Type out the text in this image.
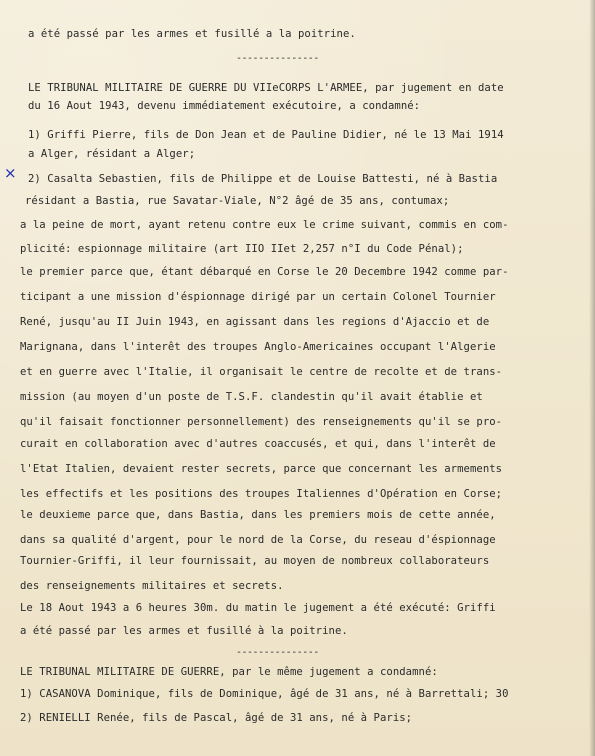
a été passé par les armes et fusillé a la poitrine.
---------------
×
LE TRIBUNAL MILITAIRE DE GUERRE DU VIIeCORPS L'ARMEE, par jugement en date
du 16 Aout 1943, devenu immédiatement exécutoire, a condamné:
1) Griffi Pierre, fils de Don Jean et de Pauline Didier, né le 13 Mai 1914
a Alger, résidant a Alger;
2) Casalta Sebastien, fils de Philippe et de Louise Battesti, né à Bastia
résidant a Bastia, rue Savatar-Viale, N°2 âgé de 35 ans, contumax;
a la peine de mort, ayant retenu contre eux le crime suivant, commis en com-
plicité: espionnage militaire (art IIO IIet 2,257 n°I du Code Pénal);
le premier parce que, étant débarqué en Corse le 20 Decembre 1942 comme par-
ticipant a une mission d'éspionnage dirigé par un certain Colonel Tournier
René, jusqu'au II Juin 1943, en agissant dans les regions d'Ajaccio et de
Marignana, dans l'interêt des troupes Anglo-Americaines occupant l'Algerie
et en guerre avec l'Italie, il organisait le centre de recolte et de trans-
mission (au moyen d'un poste de T.S.F. clandestin qu'il avait établie et
qu'il faisait fonctionner personnellement) des renseignements qu'il se pro-
curait en collaboration avec d'autres coaccusés, et qui, dans l'interêt de
l'Etat Italien, devaient rester secrets, parce que concernant les armements
les effectifs et les positions des troupes Italiennes d'Opération en Corse;
le deuxieme parce que, dans Bastia, dans les premiers mois de cette année,
dans sa qualité d'argent, pour le nord de la Corse, du reseau d'éspionnage
Tournier-Griffi, il leur fournissait, au moyen de nombreux collaborateurs
des renseignements militaires et secrets.
Le 18 Aout 1943 a 6 heures 30m. du matin le jugement a été exécuté: Griffi
a été passé par les armes et fusillé à la poitrine.
---------------
LE TRIBUNAL MILITAIRE DE GUERRE, par le même jugement a condamné:
1) CASANOVA Dominique, fils de Dominique, âgé de 31 ans, né à Barrettali; 30
2) RENIELLI Renée, fils de Pascal, âgé de 31 ans, né à Paris;
